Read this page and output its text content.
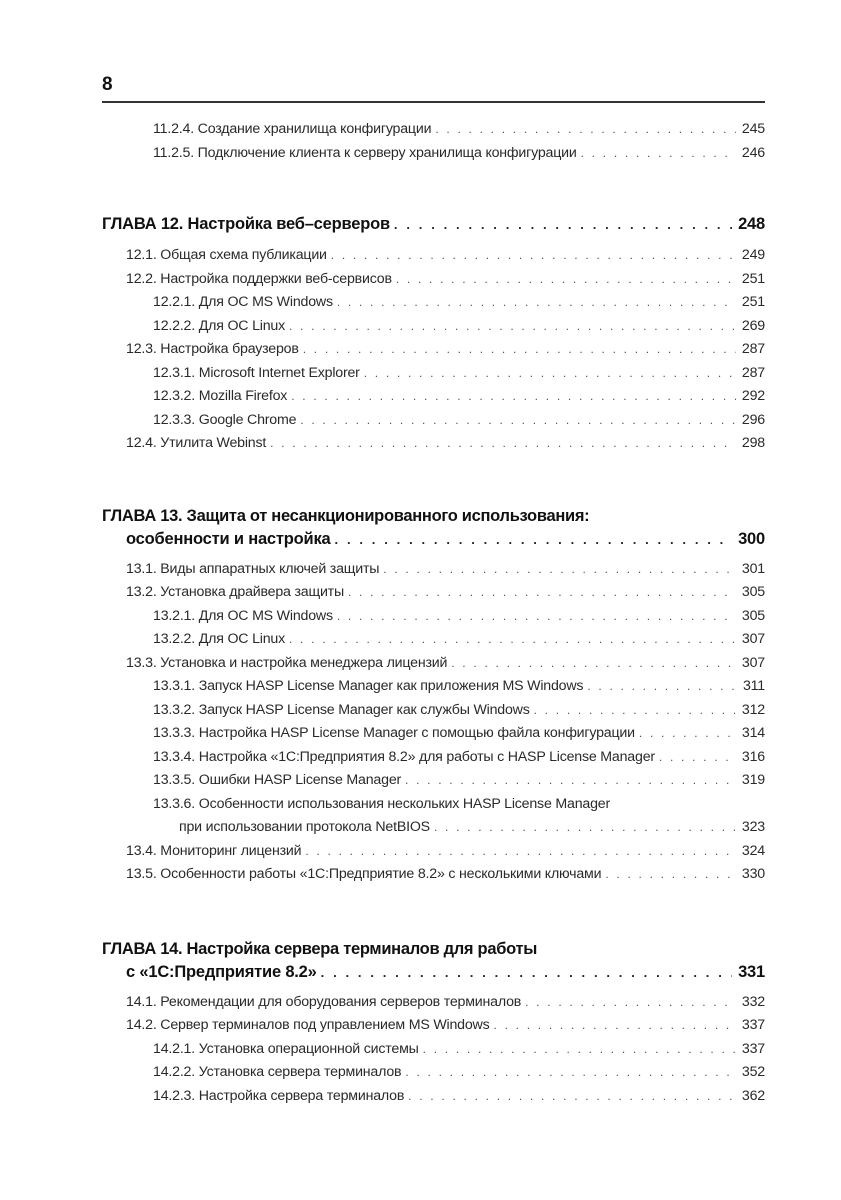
8
11.2.4. Создание хранилища конфигурации . . .	245
11.2.5. Подключение клиента к серверу хранилища конфигурации . . .	246
ГЛАВА 12. Настройка веб–серверов . . .	248
12.1. Общая схема публикации . . .	249
12.2. Настройка поддержки веб-сервисов . . .	251
12.2.1. Для ОС MS Windows . . .	251
12.2.2. Для ОС Linux . . .	269
12.3. Настройка браузеров . . .	287
12.3.1. Microsoft Internet Explorer . . .	287
12.3.2. Mozilla Firefox . . .	292
12.3.3. Google Chrome . . .	296
12.4. Утилита Webinst . . .	298
ГЛАВА 13. Защита от несанкционированного использования:
особенности и настройка . . .	300
13.1. Виды аппаратных ключей защиты . . .	301
13.2. Установка драйвера защиты . . .	305
13.2.1. Для ОС MS Windows . . .	305
13.2.2. Для ОС Linux . . .	307
13.3. Установка и настройка менеджера лицензий . . .	307
13.3.1. Запуск HASP License Manager как приложения MS Windows . . .	311
13.3.2. Запуск HASP License Manager как службы Windows . . .	312
13.3.3. Настройка HASP License Manager с помощью файла конфигурации . . .	314
13.3.4. Настройка «1С:Предприятия 8.2» для работы с HASP License Manager . . .	316
13.3.5. Ошибки HASP License Manager . . .	319
13.3.6. Особенности использования нескольких HASP License Manager
при использовании протокола NetBIOS . . .	323
13.4. Мониторинг лицензий . . .	324
13.5. Особенности работы «1С:Предприятие 8.2» с несколькими ключами . . .	330
ГЛАВА 14. Настройка сервера терминалов для работы
с «1С:Предприятие 8.2» . . .	331
14.1. Рекомендации для оборудования серверов терминалов . . .	332
14.2. Сервер терминалов под управлением MS Windows . . .	337
14.2.1. Установка операционной системы . . .	337
14.2.2. Установка сервера терминалов . . .	352
14.2.3. Настройка сервера терминалов . . .	362
